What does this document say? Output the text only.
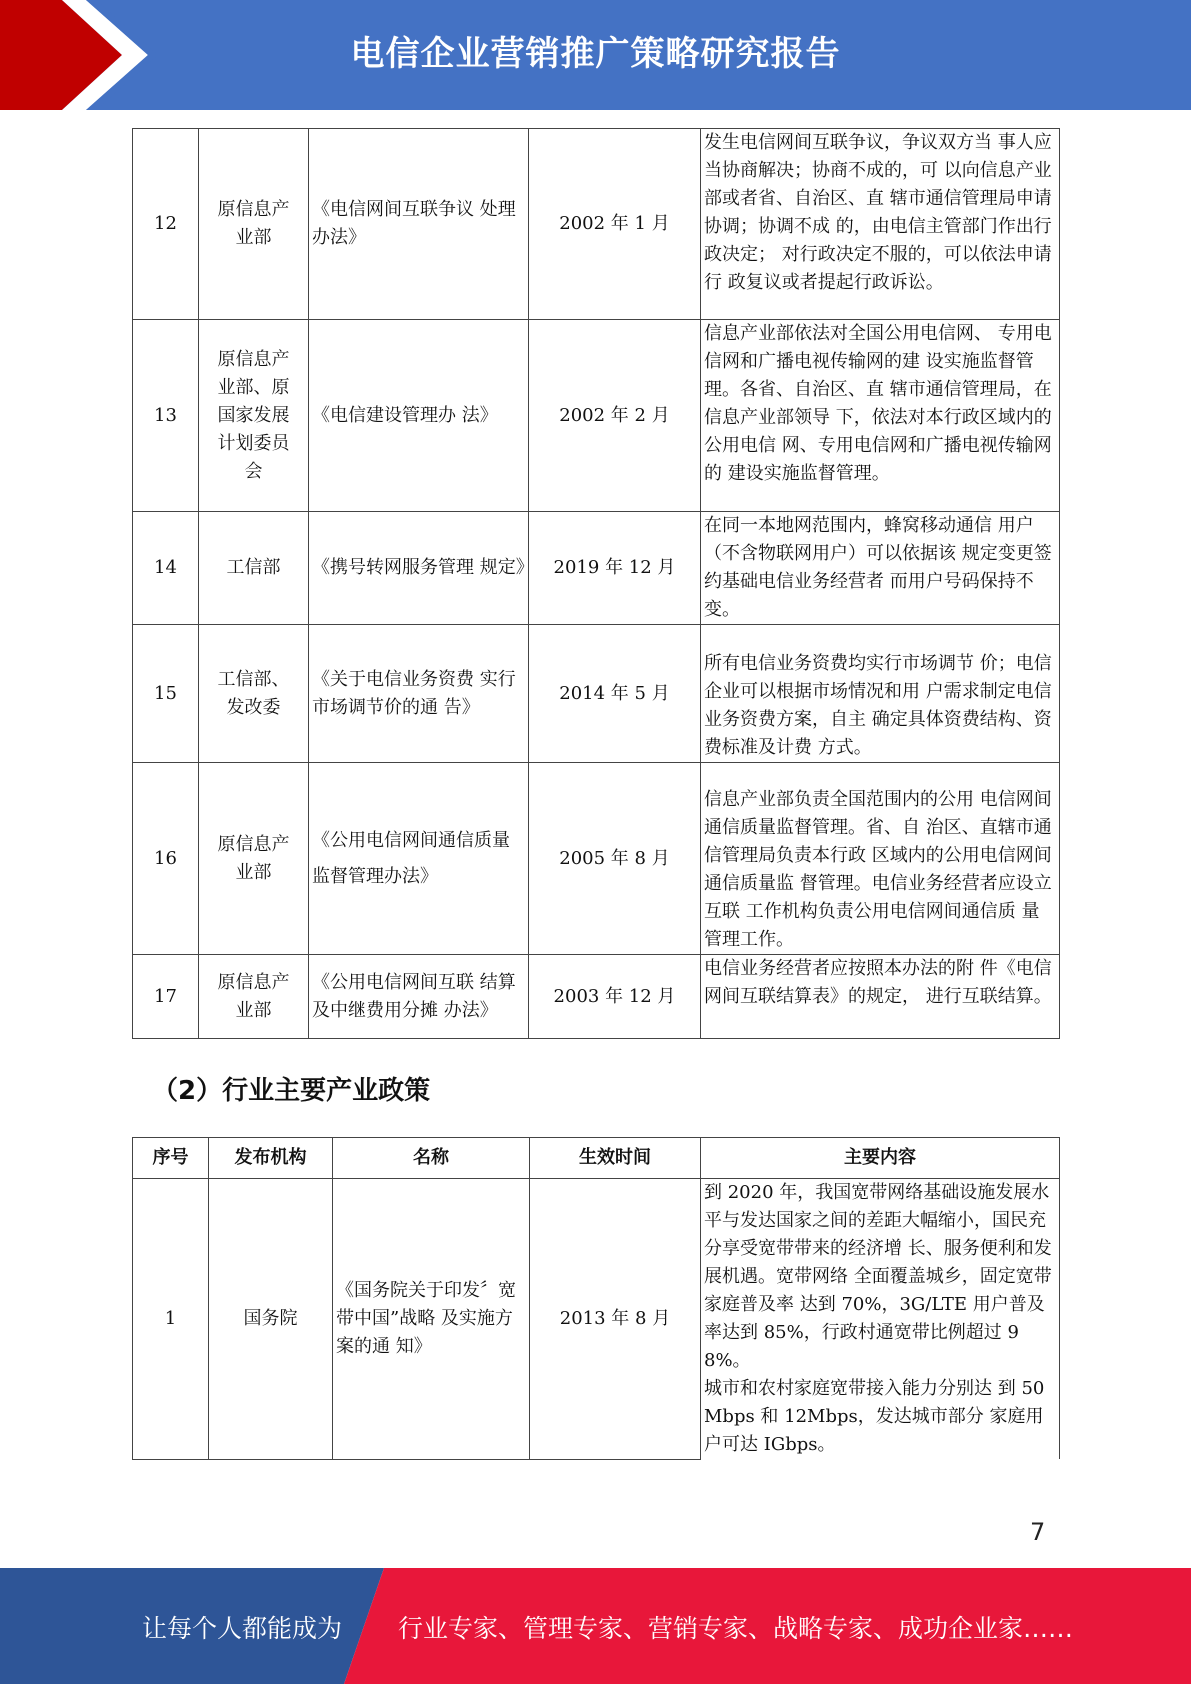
电信企业营销推广策略研究报告
12	原信息产业部	《电信网间互联争议 处理办法》	2002 年 1 月	发生电信网间互联争议，争议双方当 事人应当协商解决；协商不成的，可 以向信息产业部或者省、自治区、直 辖市通信管理局申请协调；协调不成 的，由电信主管部门作出行政决定； 对行政决定不服的，可以依法申请行 政复议或者提起行政诉讼。
13	原信息产业部、原国家发展计划委员会	《电信建设管理办 法》	2002 年 2 月	信息产业部依法对全国公用电信网、 专用电信网和广播电视传输网的建 设实施监督管理。各省、自治区、直 辖市通信管理局，在信息产业部领导 下，依法对本行政区域内的公用电信 网、专用电信网和广播电视传输网的 建设实施监督管理。
14	工信部	《携号转网服务管理 规定》	2019 年 12 月	在同一本地网范围内，蜂窝移动通信 用户（不含物联网用户）可以依据该 规定变更签约基础电信业务经营者 而用户号码保持不变。
15	工信部、发改委	《关于电信业务资费 实行市场调节价的通 告》	2014 年 5 月	所有电信业务资费均实行市场调节 价；电信企业可以根据市场情况和用 户需求制定电信业务资费方案，自主 确定具体资费结构、资费标准及计费 方式。
16	原信息产业部	《公用电信网间通信质量监督管理办法》	2005 年 8 月	信息产业部负责全国范围内的公用 电信网间通信质量监督管理。省、自 治区、直辖市通信管理局负责本行政 区域内的公用电信网间通信质量监 督管理。电信业务经营者应设立互联 工作机构负责公用电信网间通信质 量管理工作。
17	原信息产业部	《公用电信网间互联 结算及中继费用分摊 办法》	2003 年 12 月	电信业务经营者应按照本办法的附 件《电信网间互联结算表》的规定， 进行互联结算。
（2）行业主要产业政策
序号	发布机构	名称	生效时间	主要内容
1	国务院	《国务院关于印发〞宽带中国”战略 及实施方案的通 知》	2013 年 8 月	到 2020 年，我国宽带网络基础设施发展水平与发达国家之间的差距大幅缩小，国民充分享受宽带带来的经济增 长、服务便利和发展机遇。宽带网络 全面覆盖城乡，固定宽带家庭普及率 达到 70%，3G/LTE 用户普及率达到 85%，行政村通宽带比例超过 98%。
城市和农村家庭宽带接入能力分别达 到 50Mbps 和 12Mbps，发达城市部分 家庭用户可达 IGbps。
7
让每个人都能成为 行业专家、管理专家、营销专家、战略专家、成功企业家……
